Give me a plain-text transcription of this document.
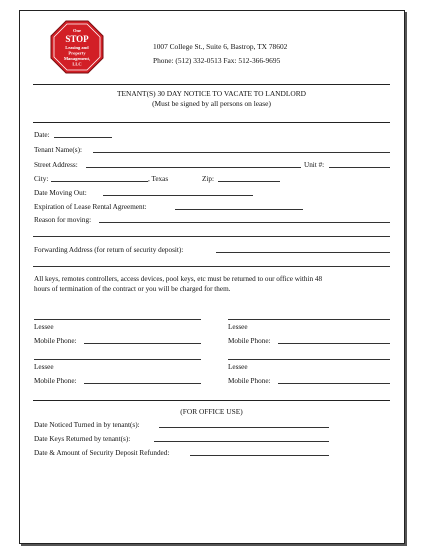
One
STOP
Leasing and
Property
Management,
LLC
1007 College St., Suite 6, Bastrop, TX 78602
Phone: (512) 332-0513 Fax: 512-366-9695
TENANT(S) 30 DAY NOTICE TO VACATE TO LANDLORD
(Must be signed by all persons on lease)
Date:
Tenant Name(s):
Street Address:	Unit #:
City:	, Texas	Zip:
Date Moving Out:
Expiration of Lease Rental Agreement:
Reason for moving:
Forwarding Address (for return of security deposit):
All keys, remotes controllers, access devices, pool keys, etc must be returned to our office within 48
hours of termination of the contract or you will be charged for them.
Lessee	Lessee
Mobile Phone:	Mobile Phone:
Lessee	Lessee
Mobile Phone:	Mobile Phone:
(FOR OFFICE USE)
Date Noticed Turned in by tenant(s):
Date Keys Returned by tenant(s):
Date & Amount of Security Deposit Refunded:
